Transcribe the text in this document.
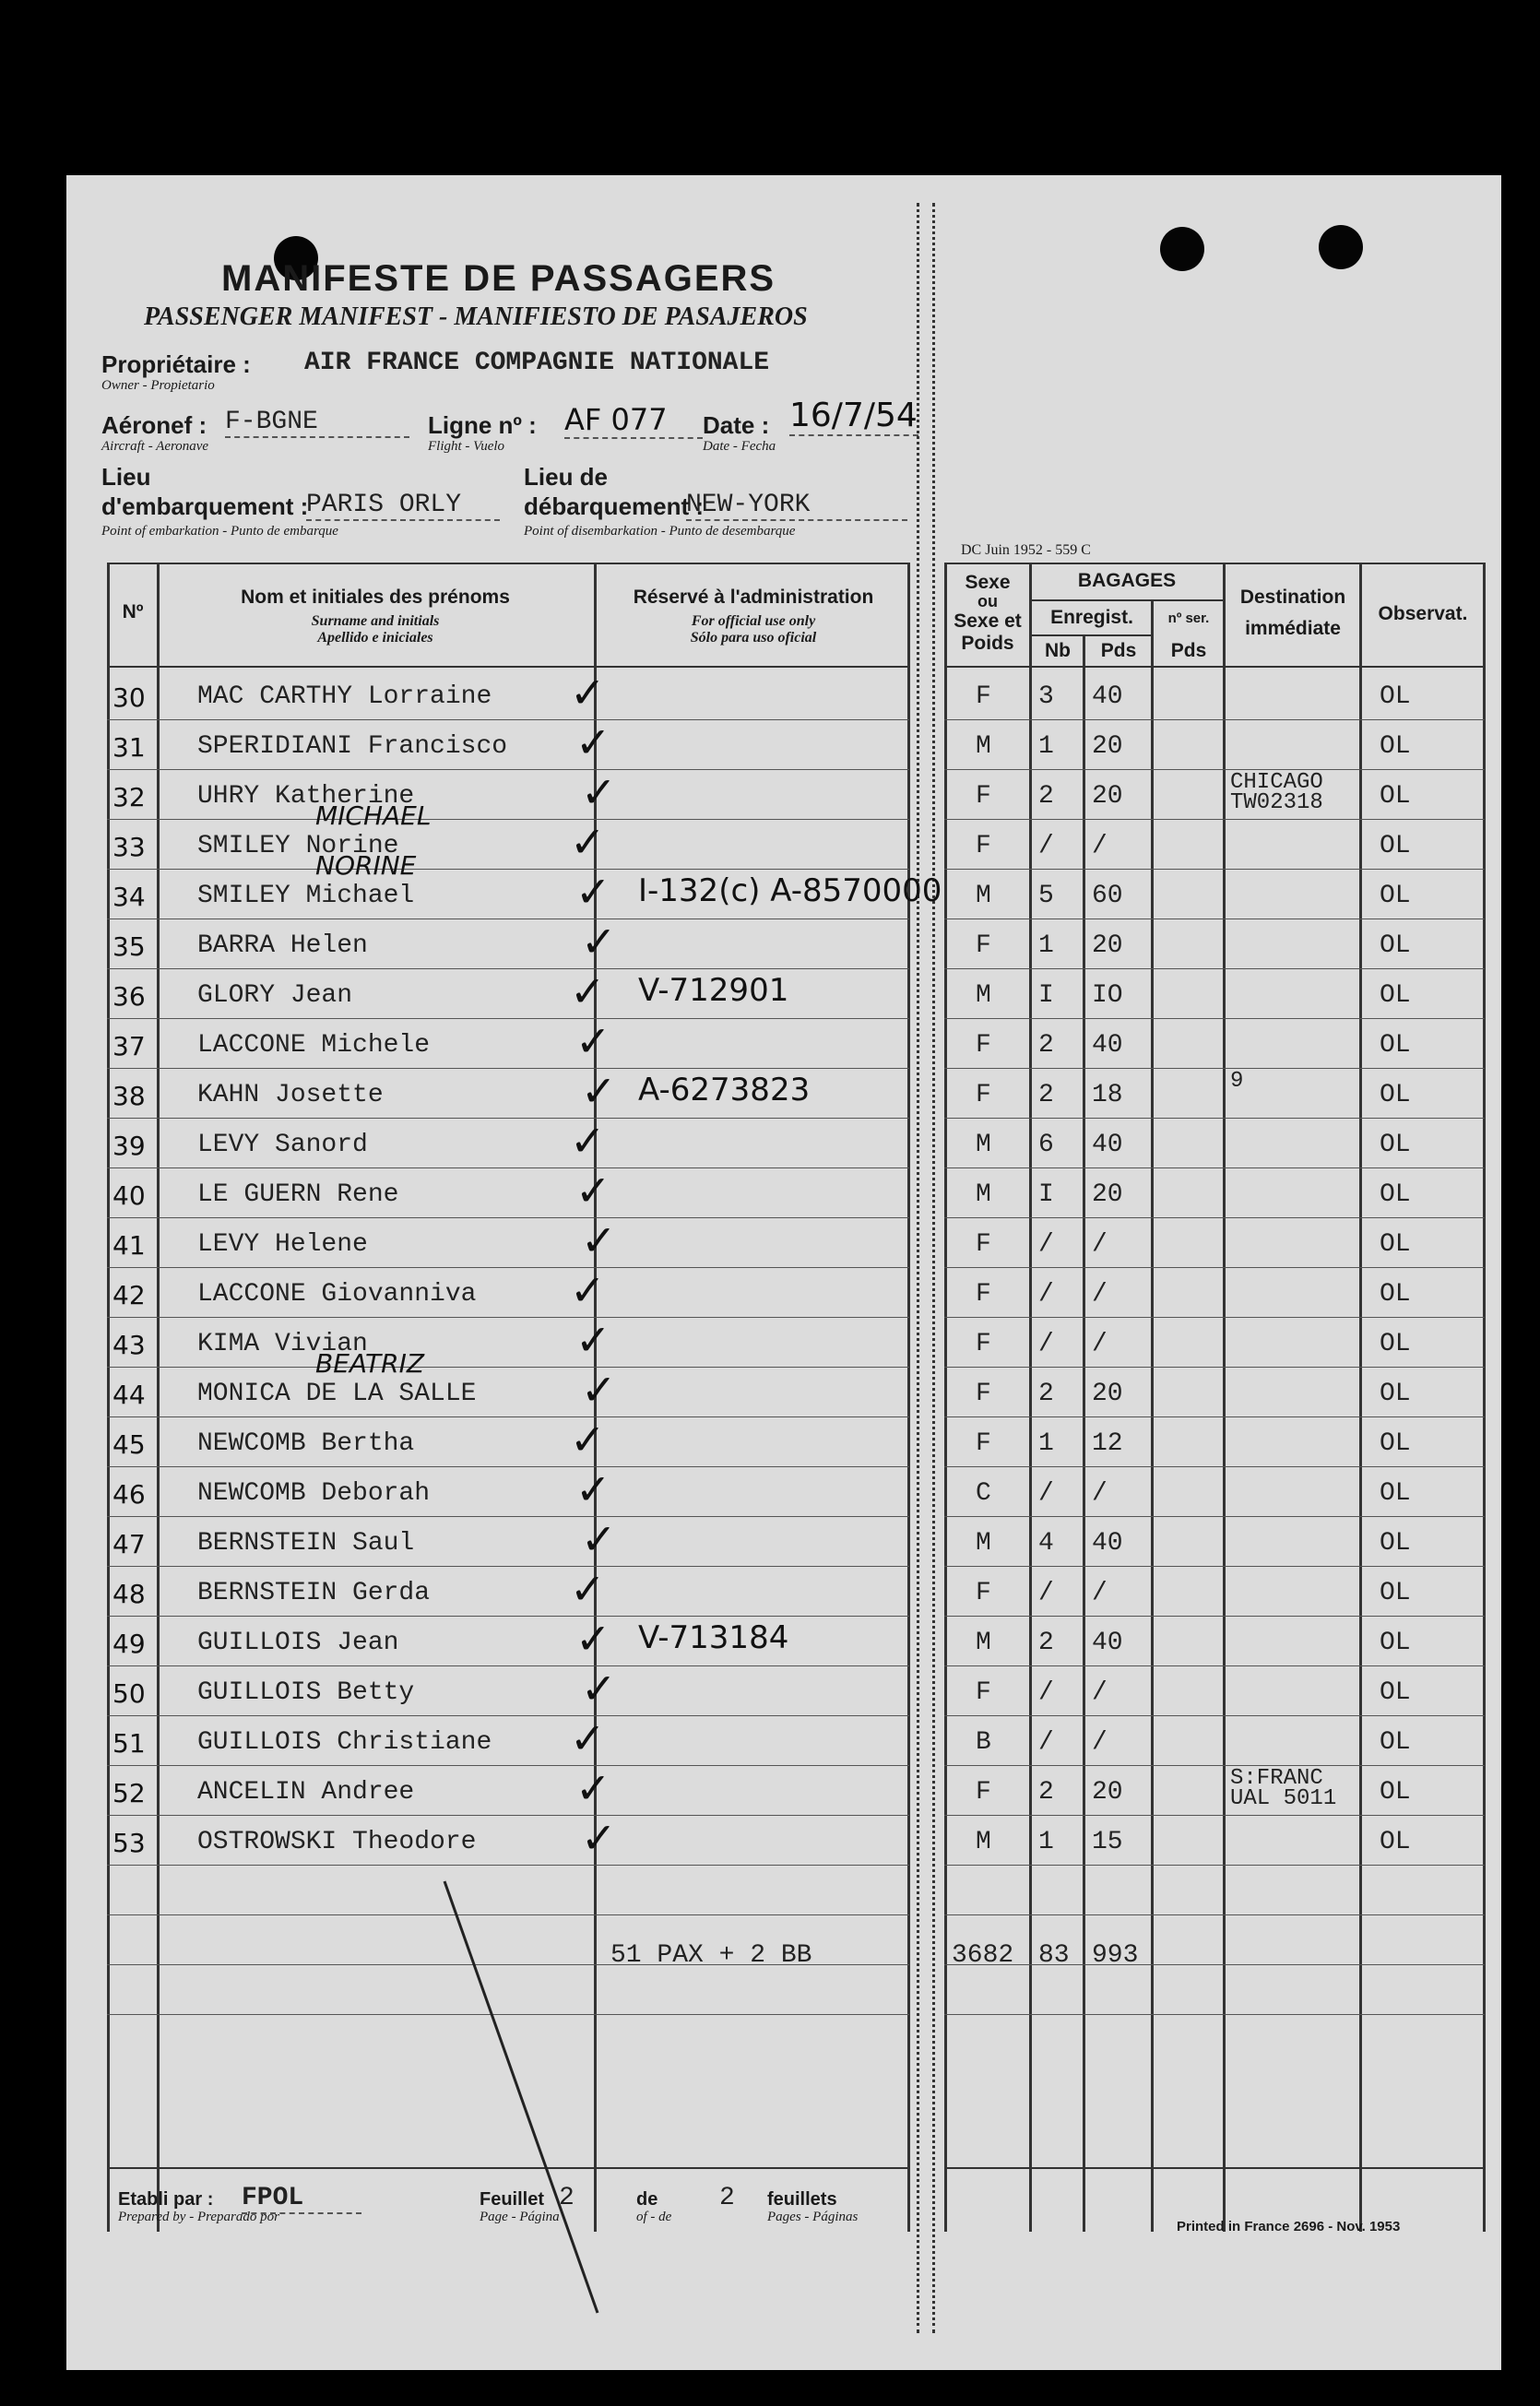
MANIFESTE DE PASSAGERS
PASSENGER MANIFEST - MANIFIESTO DE PASAJEROS
Propriétaire : AIR FRANCE COMPAGNIE NATIONALE
Owner - Propietario
Aéronef : F-BGNE
Aircraft - Aeronave
Ligne nº : AF 077
Flight - Vuelo
Date : 16/7/54
Date - Fecha
Lieu
d'embarquement :
PARIS ORLY
Point of embarkation - Punto de embarque
Lieu de
débarquement :
NEW-YORK
Point of disembarkation - Punto de desembarque
DC Juin 1952 - 559 C
Nº
Nom et initiales des prénoms
Surname and initials
Apellido e iniciales
Réservé à l'administration
For official use only
Sólo para uso oficial
Sexe
ou
Sexe et
Poids
BAGAGES
Enregist.
Nb	Pds
nº ser.
Pds
Destination
immédiate
Observat.
30 MAC CARTHY Lorraine	F 3 40	OL
✓
31 SPERIDIANI Francisco	M 1 20	OL
✓
32 UHRY Katherine	F 2 20	CHICAGO TW02318	OL
✓
33 SMILEY Norine	F / /	OL
MICHAEL
✓
34 SMILEY Michael	M 5 60	OL
I-132(c) A-8570000
NORINE
✓
35 BARRA Helen	F 1 20	OL
✓
36 GLORY Jean	M I IO	OL
V-712901
✓
37 LACCONE Michele	F 2 40	OL
✓
38 KAHN Josette	F 2 18	9	OL
A-6273823
✓
39 LEVY Sanord	M 6 40	OL
✓
40 LE GUERN Rene	M I 20	OL
✓
41 LEVY Helene	F / /	OL
✓
42 LACCONE Giovanniva	F / /	OL
✓
43 KIMA Vivian	F / /	OL
✓
44 MONICA DE LA SALLE	F 2 20	OL
BEATRIZ
✓
45 NEWCOMB Bertha	F 1 12	OL
✓
46 NEWCOMB Deborah	C / /	OL
✓
47 BERNSTEIN Saul	M 4 40	OL
✓
48 BERNSTEIN Gerda	F / /	OL
✓
49 GUILLOIS Jean	M 2 40	OL
V-713184
✓
50 GUILLOIS Betty	F / /	OL
✓
51 GUILLOIS Christiane	B / /	OL
✓
52 ANCELIN Andree	F 2 20	S:FRANC UAL 5011	OL
✓
53 OSTROWSKI Theodore	M 1 15	OL
✓
51 PAX + 2 BB	3682 83 993
Etabli par : FPOL
Prepared by - Preparado por
Feuillet 2
Page - Página
de 2
of - de
feuillets
Pages - Páginas
Printed in France 2696 - Nov. 1953
